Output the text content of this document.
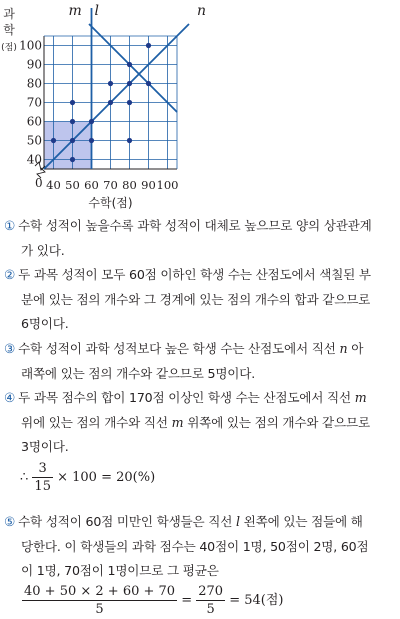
m l	n
40
50
60
70
80
90
100
40 50 60 70 80 90 100
0
수학(점)
과
학
(점)
① 수학 성적이 높을수록 과학 성적이 대체로 높으므로 양의 상관관계
가 있다.
② 두 과목 성적이 모두 60점 이하인 학생 수는 산점도에서 색칠된 부
분에 있는 점의 개수와 그 경계에 있는 점의 개수의 합과 같으므로
6명이다.
③ 수학 성적이 과학 성적보다 높은 학생 수는 산점도에서 직선 n 아
래쪽에 있는 점의 개수와 같으므로 5명이다.
④ 두 과목 점수의 합이 170점 이상인 학생 수는 산점도에서 직선 m
위에 있는 점의 개수와 직선 m 위쪽에 있는 점의 개수와 같으므로
3명이다.
∴ $\frac{3}{15} \times 100 = 20(\%)$
⑤ 수학 성적이 60점 미만인 학생들은 직선 l 왼쪽에 있는 점들에 해
당한다. 이 학생들의 과학 점수는 40점이 1명, 50점이 2명, 60점
이 1명, 70점이 1명이므로 그 평균은
$\frac{40 + 50 \times 2 + 60 + 70}{5} = \frac{270}{5} = 54$(점)
